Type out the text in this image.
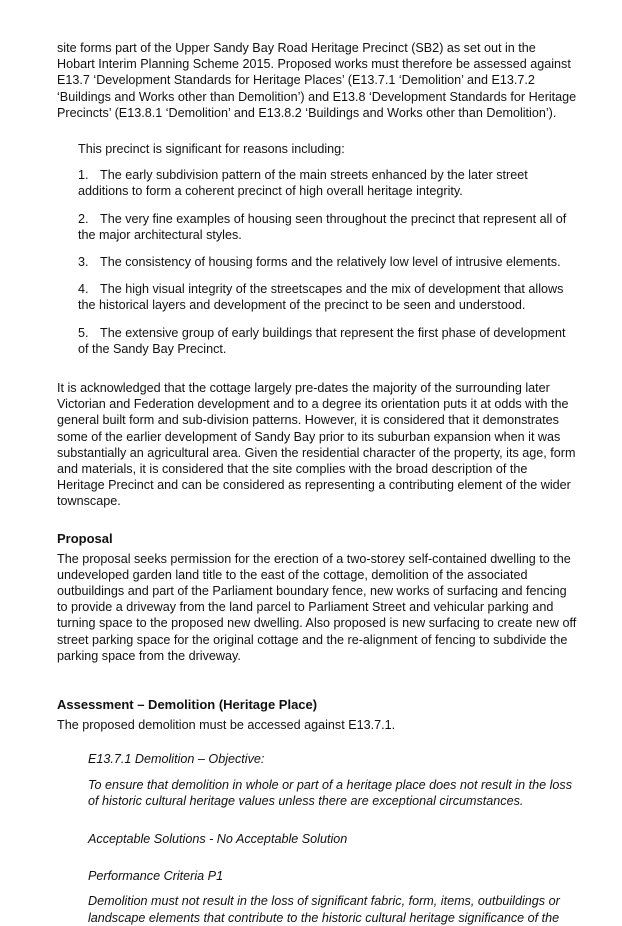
site forms part of the Upper Sandy Bay Road Heritage Precinct (SB2) as set out in the Hobart Interim Planning Scheme 2015. Proposed works must therefore be assessed against E13.7 ‘Development Standards for Heritage Places’ (E13.7.1 ‘Demolition’ and E13.7.2 ‘Buildings and Works other than Demolition’) and E13.8 ‘Development Standards for Heritage Precincts’ (E13.8.1 ‘Demolition’ and E13.8.2 ‘Buildings and Works other than Demolition’).

This precinct is significant for reasons including:

1. The early subdivision pattern of the main streets enhanced by the later street additions to form a coherent precinct of high overall heritage integrity.
2. The very fine examples of housing seen throughout the precinct that represent all of the major architectural styles.
3. The consistency of housing forms and the relatively low level of intrusive elements.
4. The high visual integrity of the streetscapes and the mix of development that allows the historical layers and development of the precinct to be seen and understood.
5. The extensive group of early buildings that represent the first phase of development of the Sandy Bay Precinct.

It is acknowledged that the cottage largely pre-dates the majority of the surrounding later Victorian and Federation development and to a degree its orientation puts it at odds with the general built form and sub-division patterns. However, it is considered that it demonstrates some of the earlier development of Sandy Bay prior to its suburban expansion when it was substantially an agricultural area. Given the residential character of the property, its age, form and materials, it is considered that the site complies with the broad description of the Heritage Precinct and can be considered as representing a contributing element of the wider townscape.

Proposal

The proposal seeks permission for the erection of a two-storey self-contained dwelling to the undeveloped garden land title to the east of the cottage, demolition of the associated outbuildings and part of the Parliament boundary fence, new works of surfacing and fencing to provide a driveway from the land parcel to Parliament Street and vehicular parking and turning space to the proposed new dwelling. Also proposed is new surfacing to create new off street parking space for the original cottage and the re-alignment of fencing to subdivide the parking space from the driveway.

Assessment – Demolition (Heritage Place)

The proposed demolition must be accessed against E13.7.1.

E13.7.1 Demolition – Objective:

To ensure that demolition in whole or part of a heritage place does not result in the loss of historic cultural heritage values unless there are exceptional circumstances.

Acceptable Solutions - No Acceptable Solution

Performance Criteria P1

Demolition must not result in the loss of significant fabric, form, items, outbuildings or landscape elements that contribute to the historic cultural heritage significance of the
